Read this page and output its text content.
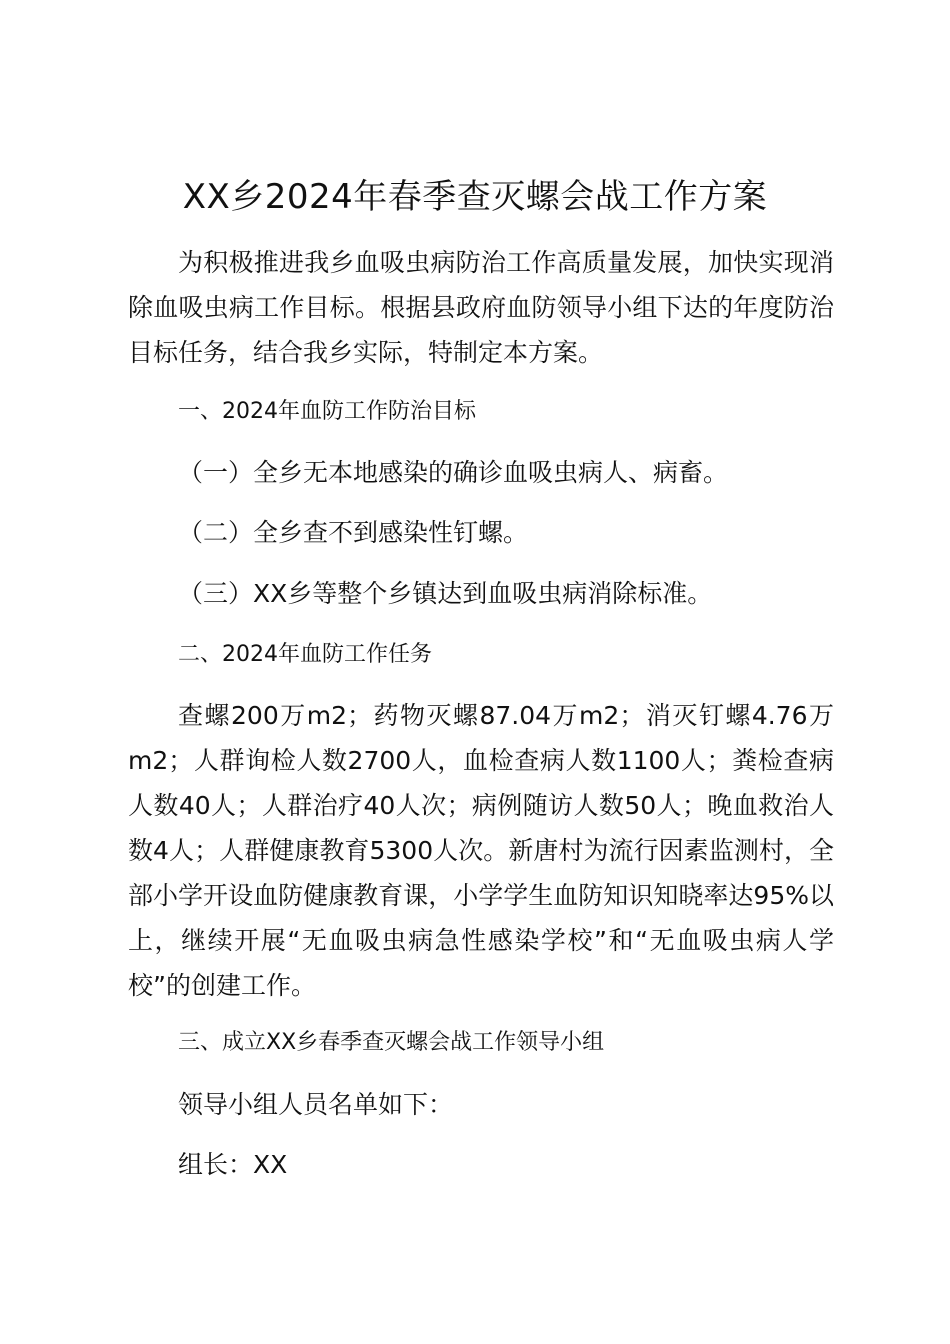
XX乡2024年春季查灭螺会战工作方案

为积极推进我乡血吸虫病防治工作高质量发展，加快实现消除血吸虫病工作目标。根据县政府血防领导小组下达的年度防治目标任务，结合我乡实际，特制定本方案。

一、2024年血防工作防治目标

（一）全乡无本地感染的确诊血吸虫病人、病畜。

（二）全乡查不到感染性钉螺。

（三）XX乡等整个乡镇达到血吸虫病消除标准。

二、2024年血防工作任务

查螺200万m2；药物灭螺87.04万m2；消灭钉螺4.76万m2；人群询检人数2700人，血检查病人数1100人；粪检查病人数40人；人群治疗40人次；病例随访人数50人；晚血救治人数4人；人群健康教育5300人次。新唐村为流行因素监测村，全部小学开设血防健康教育课，小学学生血防知识知晓率达95%以上，继续开展“无血吸虫病急性感染学校”和“无血吸虫病人学校”的创建工作。

三、成立XX乡春季查灭螺会战工作领导小组

领导小组人员名单如下：

组长：XX
